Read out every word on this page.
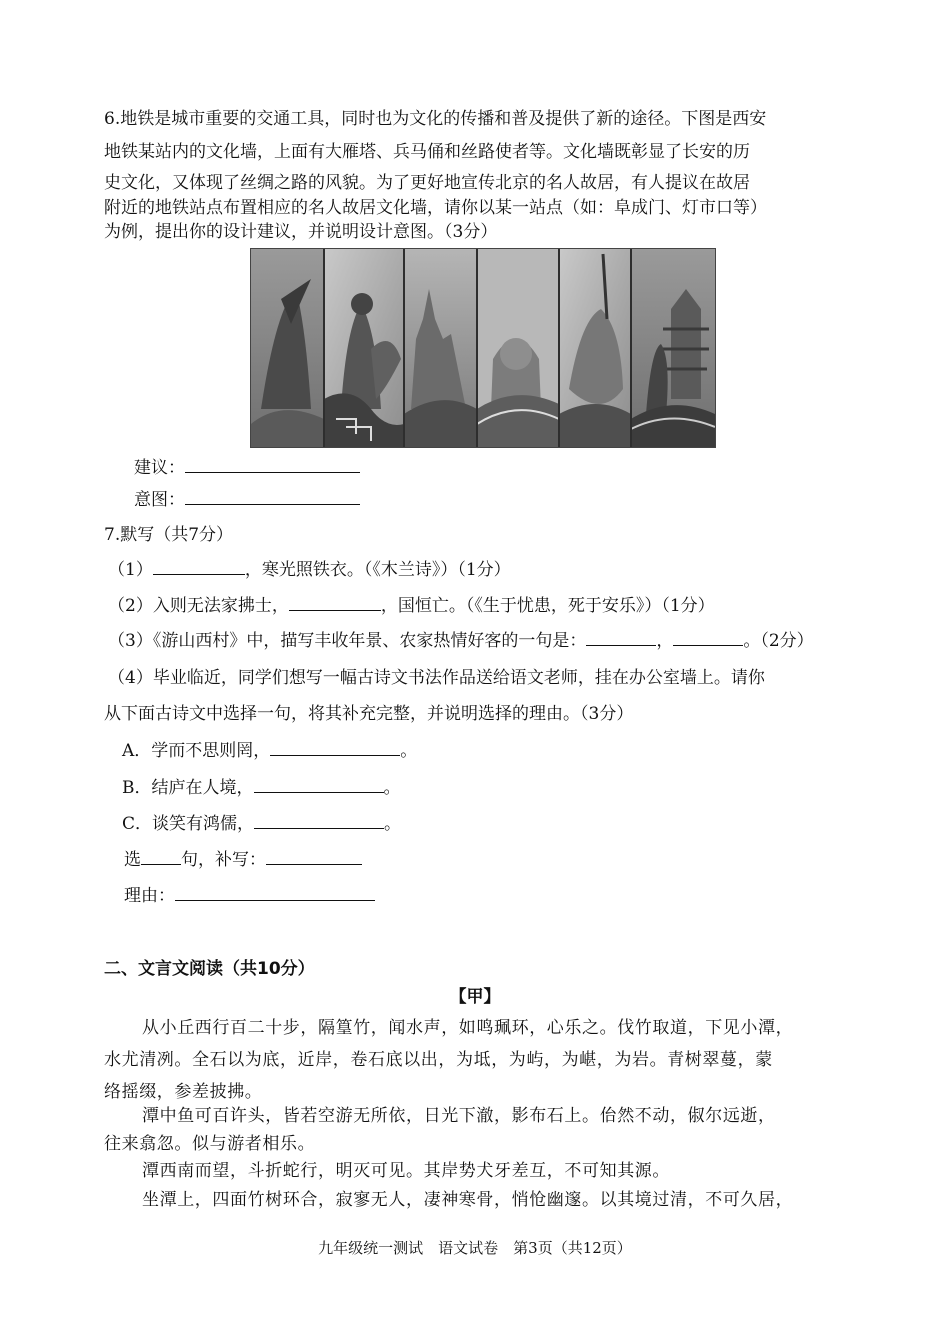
6.地铁是城市重要的交通工具，同时也为文化的传播和普及提供了新的途径。下图是西安
地铁某站内的文化墙，上面有大雁塔、兵马俑和丝路使者等。文化墙既彰显了长安的历
史文化，又体现了丝绸之路的风貌。为了更好地宣传北京的名人故居，有人提议在故居
附近的地铁站点布置相应的名人故居文化墙，请你以某一站点（如：阜成门、灯市口等）
为例，提出你的设计建议，并说明设计意图。（3分）
建议：
意图：
7.默写（共7分）
（1）	，寒光照铁衣。（《木兰诗》）（1分）
（2）入则无法家拂士，	，国恒亡。（《生于忧患，死于安乐》）（1分）
（3）《游山西村》中，描写丰收年景、农家热情好客的一句是：	，	。（2分）
（4）毕业临近，同学们想写一幅古诗文书法作品送给语文老师，挂在办公室墙上。请你
从下面古诗文中选择一句，将其补充完整，并说明选择的理由。（3分）
A．学而不思则罔，	。
B．结庐在人境，	。
C．谈笑有鸿儒，	。
选 句，补写：
理由：
二、文言文阅读（共10分）
【甲】
从小丘西行百二十步，隔篁竹，闻水声，如鸣珮环，心乐之。伐竹取道，下见小潭，
水尤清冽。全石以为底，近岸，卷石底以出，为坻，为屿，为嵁，为岩。青树翠蔓，蒙
络摇缀，参差披拂。
潭中鱼可百许头，皆若空游无所依，日光下澈，影布石上。佁然不动，俶尔远逝，
往来翕忽。似与游者相乐。
潭西南而望，斗折蛇行，明灭可见。其岸势犬牙差互，不可知其源。
坐潭上，四面竹树环合，寂寥无人，凄神寒骨，悄怆幽邃。以其境过清，不可久居，
九年级统一测试　语文试卷　第3页（共12页）
